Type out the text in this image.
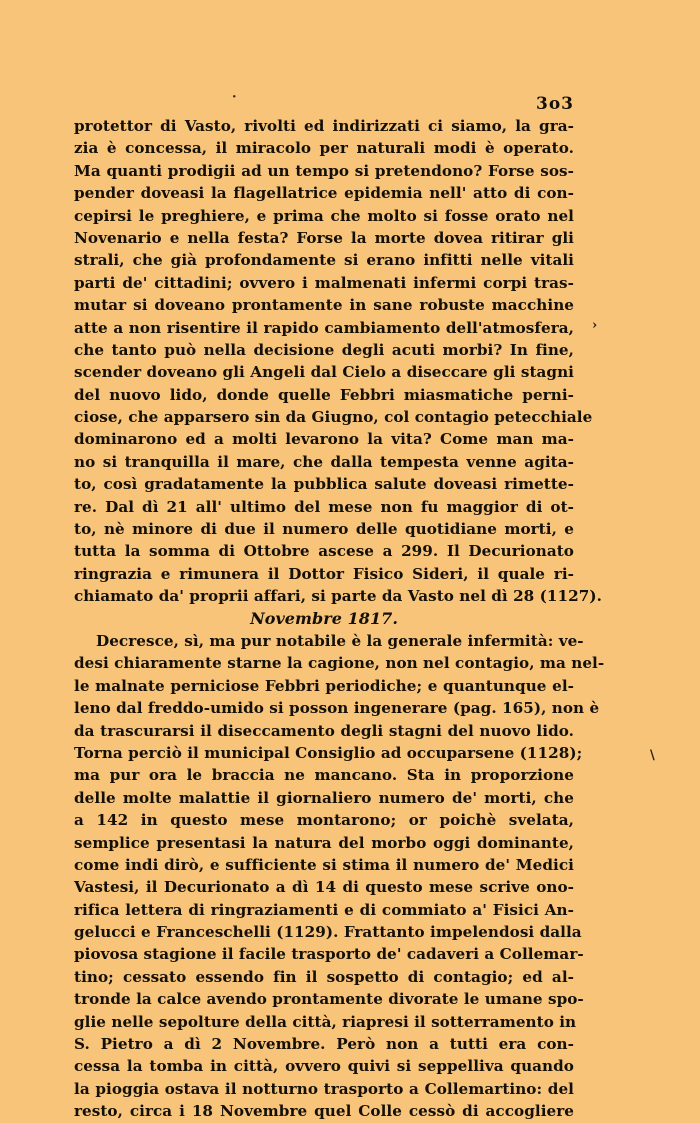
3o3
protettor di Vasto, rivolti ed indirizzati ci siamo, la gra-
zia è concessa, il miracolo per naturali modi è operato.
Ma quanti prodigii ad un tempo si pretendono? Forse sos-
pender doveasi la flagellatrice epidemia nell' atto di con-
cepirsi le preghiere, e prima che molto si fosse orato nel
Novenario e nella festa? Forse la morte dovea ritirar gli
strali, che già profondamente si erano infitti nelle vitali
parti de' cittadini; ovvero i malmenati infermi corpi tras-
mutar si doveano prontamente in sane robuste macchine
atte a non risentire il rapido cambiamento dell'atmosfera,
che tanto può nella decisione degli acuti morbi? In fine,
scender doveano gli Angeli dal Cielo a diseccare gli stagni
del nuovo lido, donde quelle Febbri miasmatiche perni-
ciose, che apparsero sin da Giugno, col contagio petecchiale
dominarono ed a molti levarono la vita? Come man ma-
no si tranquilla il mare, che dalla tempesta venne agita-
to, così gradatamente la pubblica salute doveasi rimette-
re. Dal dì 21 all' ultimo del mese non fu maggior di ot-
to, nè minore di due il numero delle quotidiane morti, e
tutta la somma di Ottobre ascese a 299. Il Decurionato
ringrazia e rimunera il Dottor Fisico Sideri, il quale ri-
chiamato da' proprii affari, si parte da Vasto nel dì 28 (1127).
Novembre 1817.
Decresce, sì, ma pur notabile è la generale infermità: ve-
desi chiaramente starne la cagione, non nel contagio, ma nel-
le malnate perniciose Febbri periodiche; e quantunque el-
leno dal freddo-umido si posson ingenerare (pag. 165), non è
da trascurarsi il diseccamento degli stagni del nuovo lido.
Torna perciò il municipal Consiglio ad occuparsene (1128);
ma pur ora le braccia ne mancano. Sta in proporzione
delle molte malattie il giornaliero numero de' morti, che
a 142 in questo mese montarono; or poichè svelata,
semplice presentasi la natura del morbo oggi dominante,
come indi dirò, e sufficiente si stima il numero de' Medici
Vastesi, il Decurionato a dì 14 di questo mese scrive ono-
rifica lettera di ringraziamenti e di commiato a' Fisici An-
gelucci e Franceschelli (1129). Frattanto impelendosi dalla
piovosa stagione il facile trasporto de' cadaveri a Collemar-
tino; cessato essendo fin il sospetto di contagio; ed al-
tronde la calce avendo prontamente divorate le umane spo-
glie nelle sepolture della città, riapresi il sotterramento in
S. Pietro a dì 2 Novembre. Però non a tutti era con-
cessa la tomba in città, ovvero quivi si seppelliva quando
la pioggia ostava il notturno trasporto a Collemartino: del
resto, circa i 18 Novembre quel Colle cessò di accogliere
·
›
\
